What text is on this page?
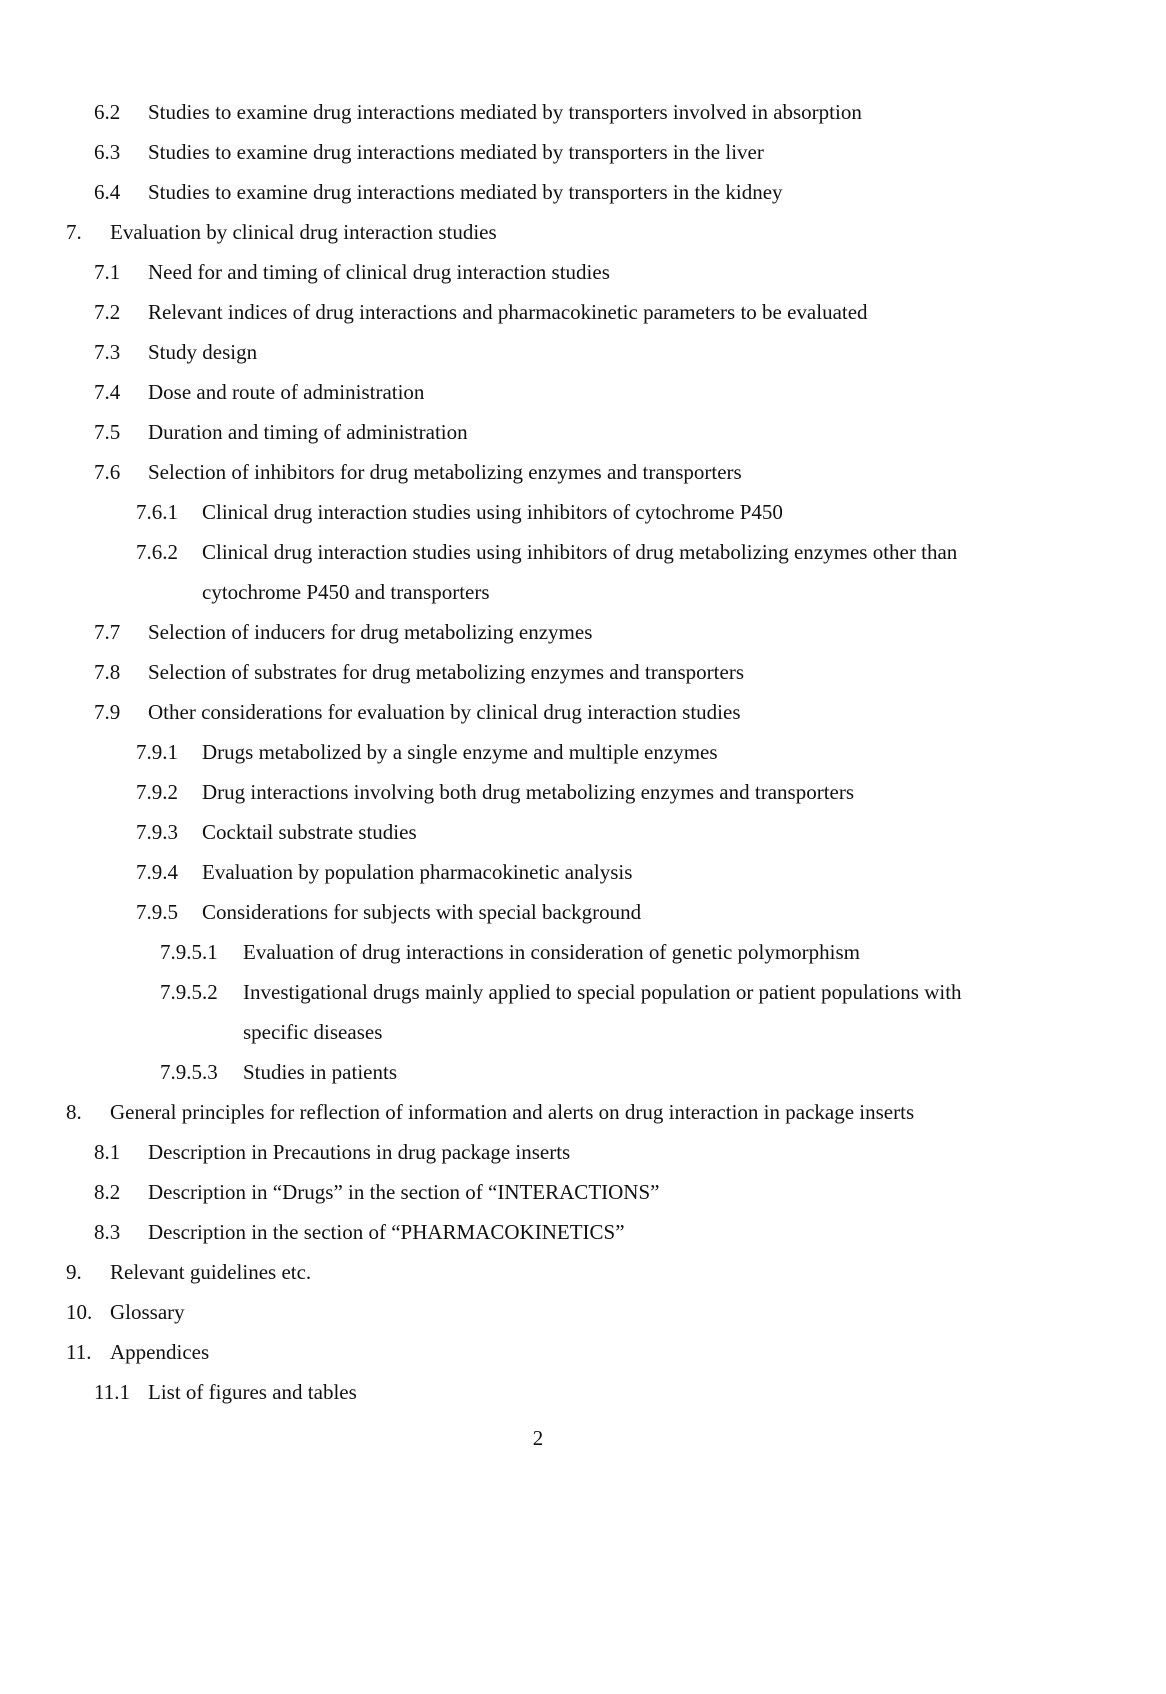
6.2	Studies to examine drug interactions mediated by transporters involved in absorption
6.3	Studies to examine drug interactions mediated by transporters in the liver
6.4	Studies to examine drug interactions mediated by transporters in the kidney
7.	Evaluation by clinical drug interaction studies
7.1	Need for and timing of clinical drug interaction studies
7.2	Relevant indices of drug interactions and pharmacokinetic parameters to be evaluated
7.3	Study design
7.4	Dose and route of administration
7.5	Duration and timing of administration
7.6	Selection of inhibitors for drug metabolizing enzymes and transporters
7.6.1	Clinical drug interaction studies using inhibitors of cytochrome P450
7.6.2	Clinical drug interaction studies using inhibitors of drug metabolizing enzymes other than cytochrome P450 and transporters
7.7	Selection of inducers for drug metabolizing enzymes
7.8	Selection of substrates for drug metabolizing enzymes and transporters
7.9	Other considerations for evaluation by clinical drug interaction studies
7.9.1	Drugs metabolized by a single enzyme and multiple enzymes
7.9.2	Drug interactions involving both drug metabolizing enzymes and transporters
7.9.3	Cocktail substrate studies
7.9.4	Evaluation by population pharmacokinetic analysis
7.9.5	Considerations for subjects with special background
7.9.5.1	Evaluation of drug interactions in consideration of genetic polymorphism
7.9.5.2	Investigational drugs mainly applied to special population or patient populations with specific diseases
7.9.5.3	Studies in patients
8.	General principles for reflection of information and alerts on drug interaction in package inserts
8.1	Description in Precautions in drug package inserts
8.2	Description in “Drugs” in the section of “INTERACTIONS”
8.3	Description in the section of “PHARMACOKINETICS”
9.	Relevant guidelines etc.
10. Glossary
11. Appendices
11.1 List of figures and tables
2
